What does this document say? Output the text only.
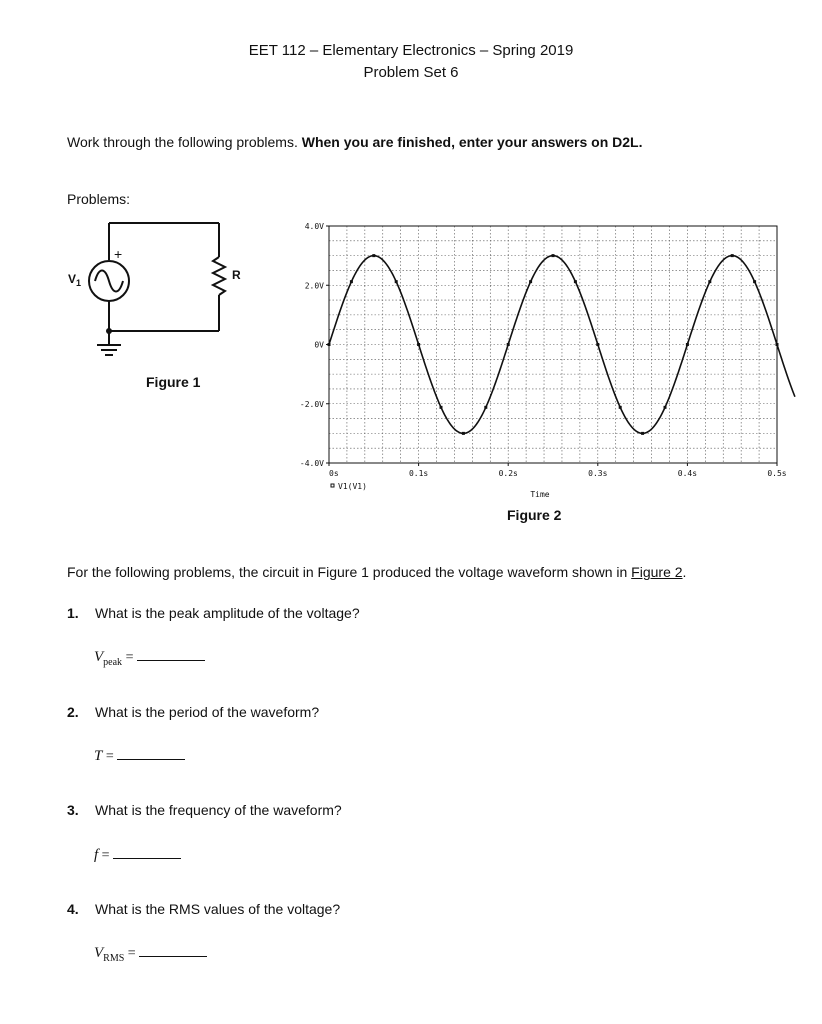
EET 112 – Elementary Electronics – Spring 2019
Problem Set 6
Work through the following problems. When you are finished, enter your answers on D2L.
Problems:
+
$V_1$
R
Figure 1
4.0V
2.0V
0V
-2.0V
-4.0V
0s	0.1s	0.2s	0.3s	0.4s	0.5s
V1(V1)
Time
Figure 2
For the following problems, the circuit in Figure 1 produced the voltage waveform shown in Figure 2.
1. What is the peak amplitude of the voltage?
$V_{peak}$ =
2. What is the period of the waveform?
T =
3. What is the frequency of the waveform?
f =
4. What is the RMS values of the voltage?
$V_{RMS}$ =
